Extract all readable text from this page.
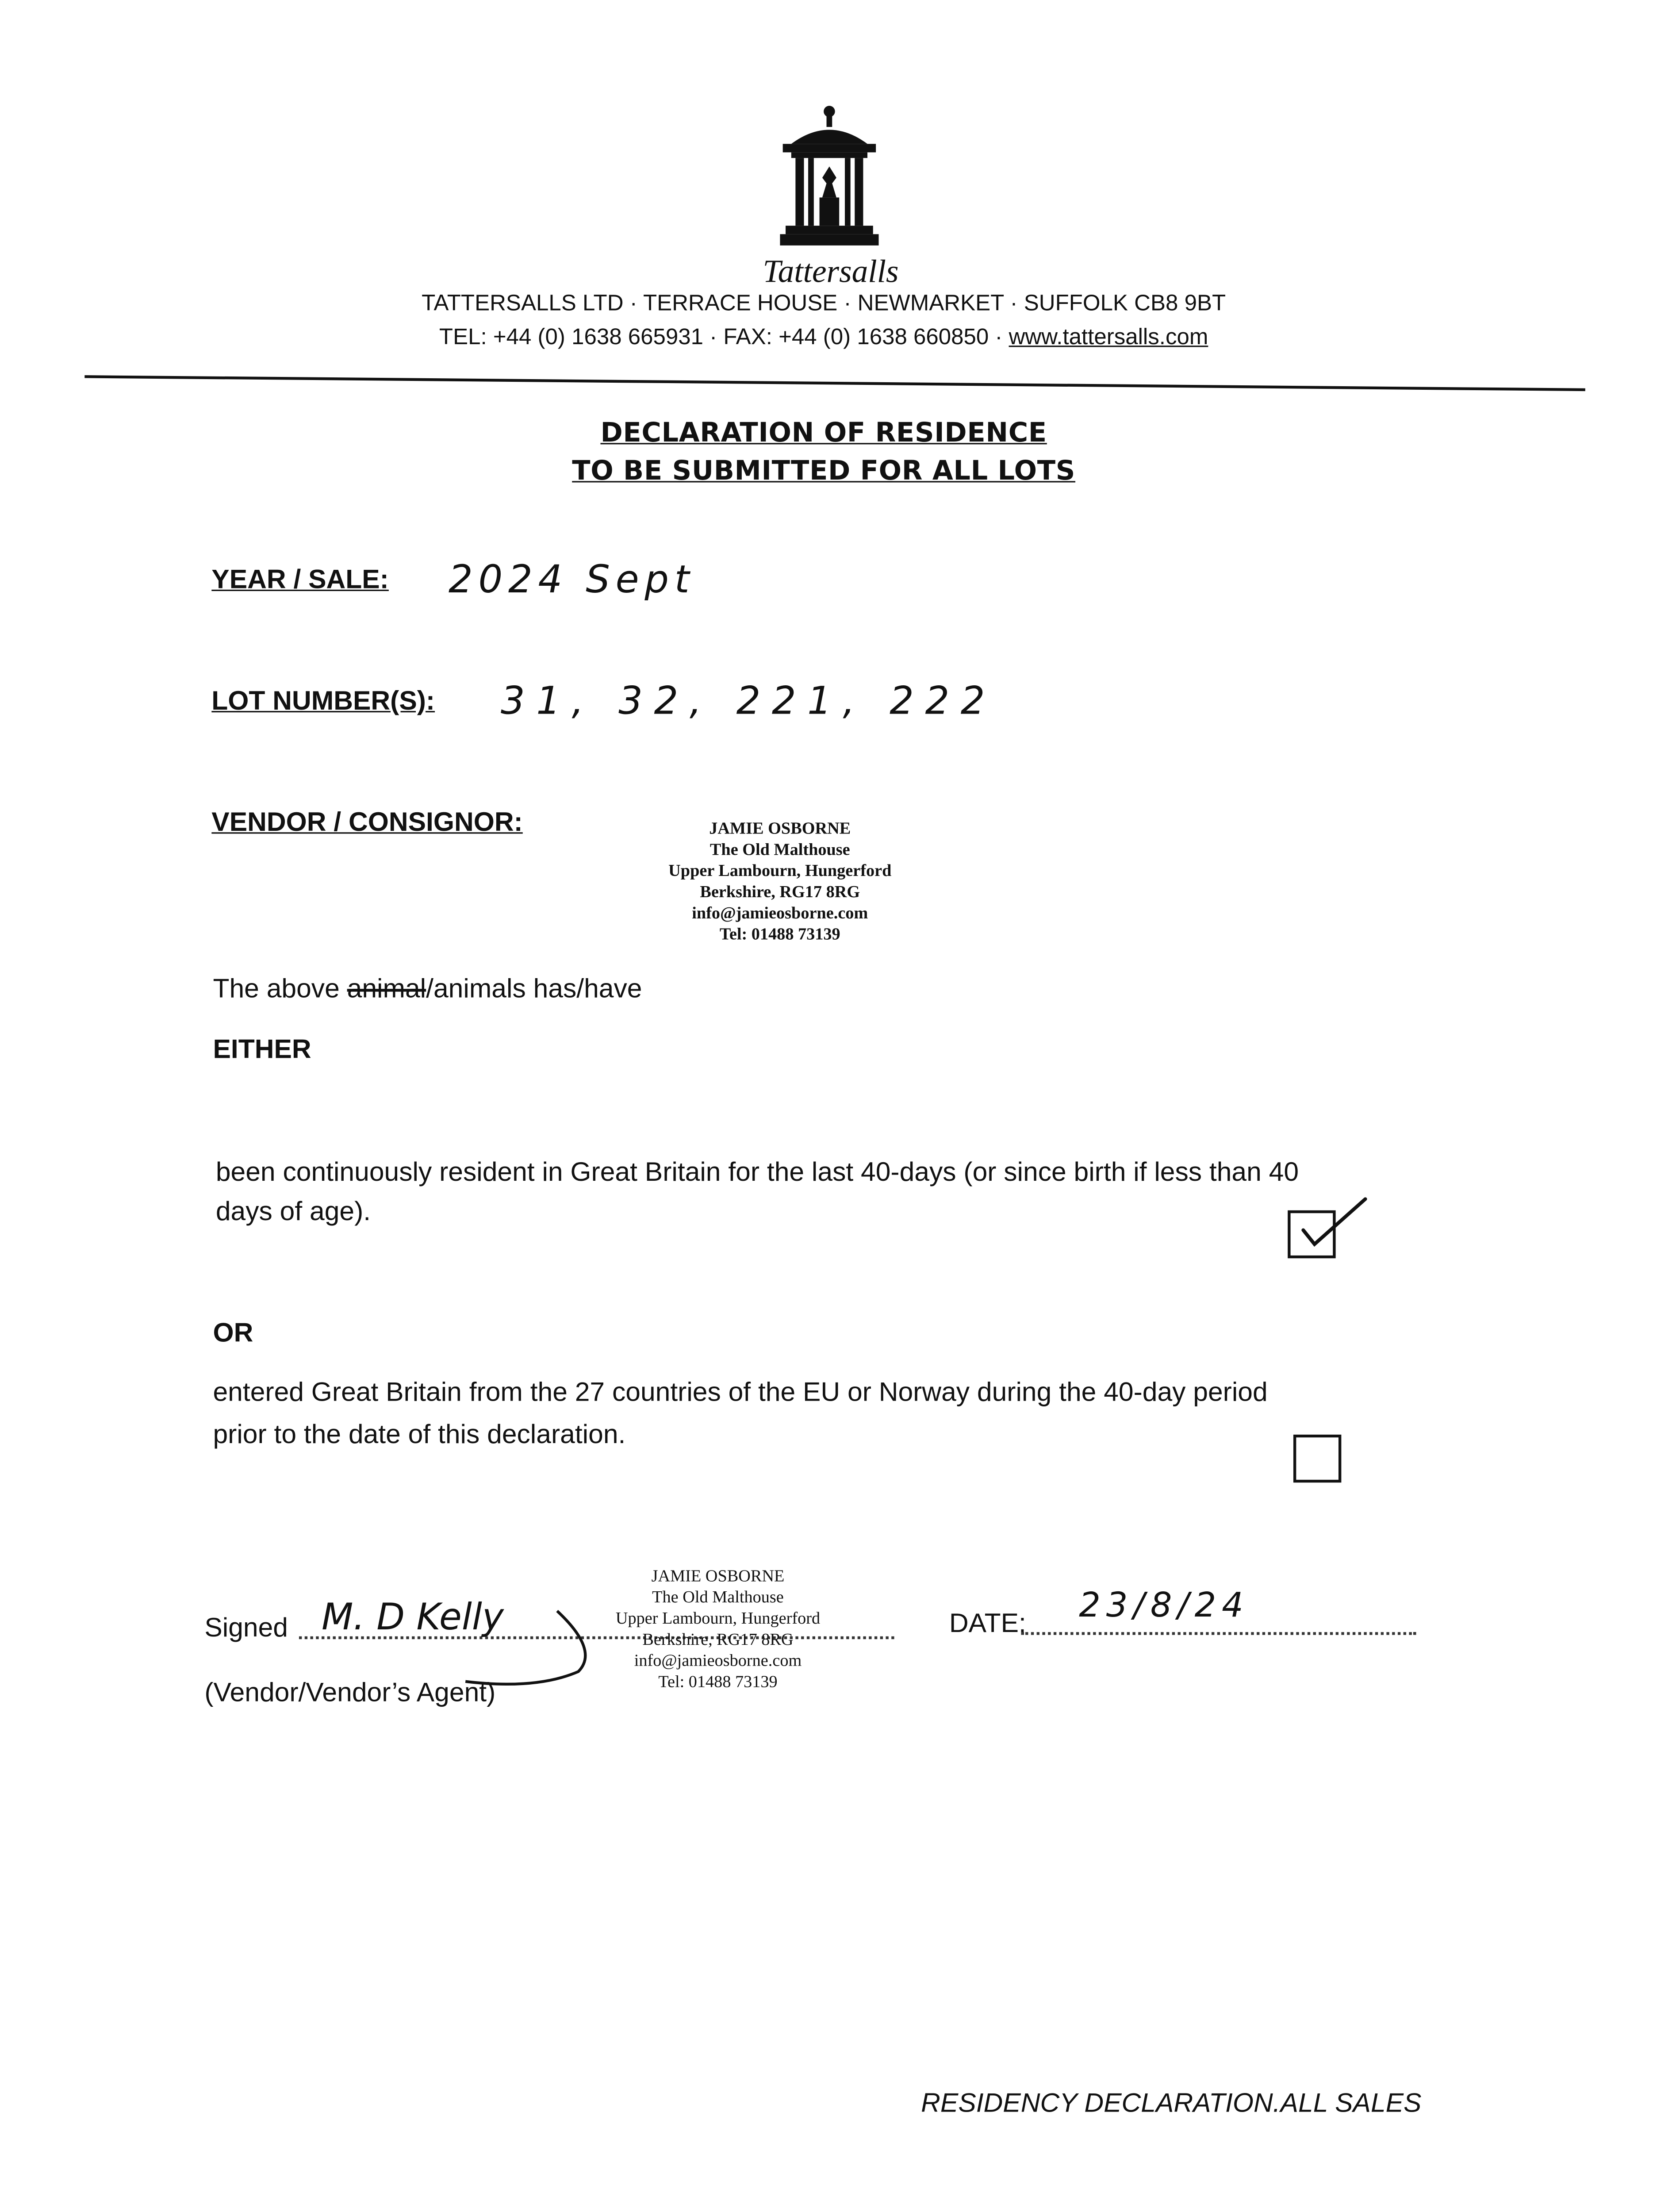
Tattersalls
TATTERSALLS LTD · TERRACE HOUSE · NEWMARKET · SUFFOLK CB8 9BT
TEL: +44 (0) 1638 665931 · FAX: +44 (0) 1638 660850 · www.tattersalls.com
DECLARATION OF RESIDENCE
TO BE SUBMITTED FOR ALL LOTS
YEAR / SALE:	2024 Sept
LOT NUMBER(S):	31, 32, 221, 222
VENDOR / CONSIGNOR:	JAMIE OSBORNE
The Old Malthouse
Upper Lambourn, Hungerford
Berkshire, RG17 8RG
info@jamieosborne.com
Tel: 01488 73139
The above animal/animals has/have
EITHER
been continuously resident in Great Britain for the last 40-days (or since birth if less than 40
days of age).
OR
entered Great Britain from the 27 countries of the EU or Norway during the 40-day period
prior to the date of this declaration.
Signed	M. D Kelly
JAMIE OSBORNE
The Old Malthouse
Upper Lambourn, Hungerford
Berkshire, RG17 8RG
info@jamieosborne.com
Tel: 01488 73139
(Vendor/Vendor’s Agent)
DATE:	23/8/24
RESIDENCY DECLARATION.ALL SALES
